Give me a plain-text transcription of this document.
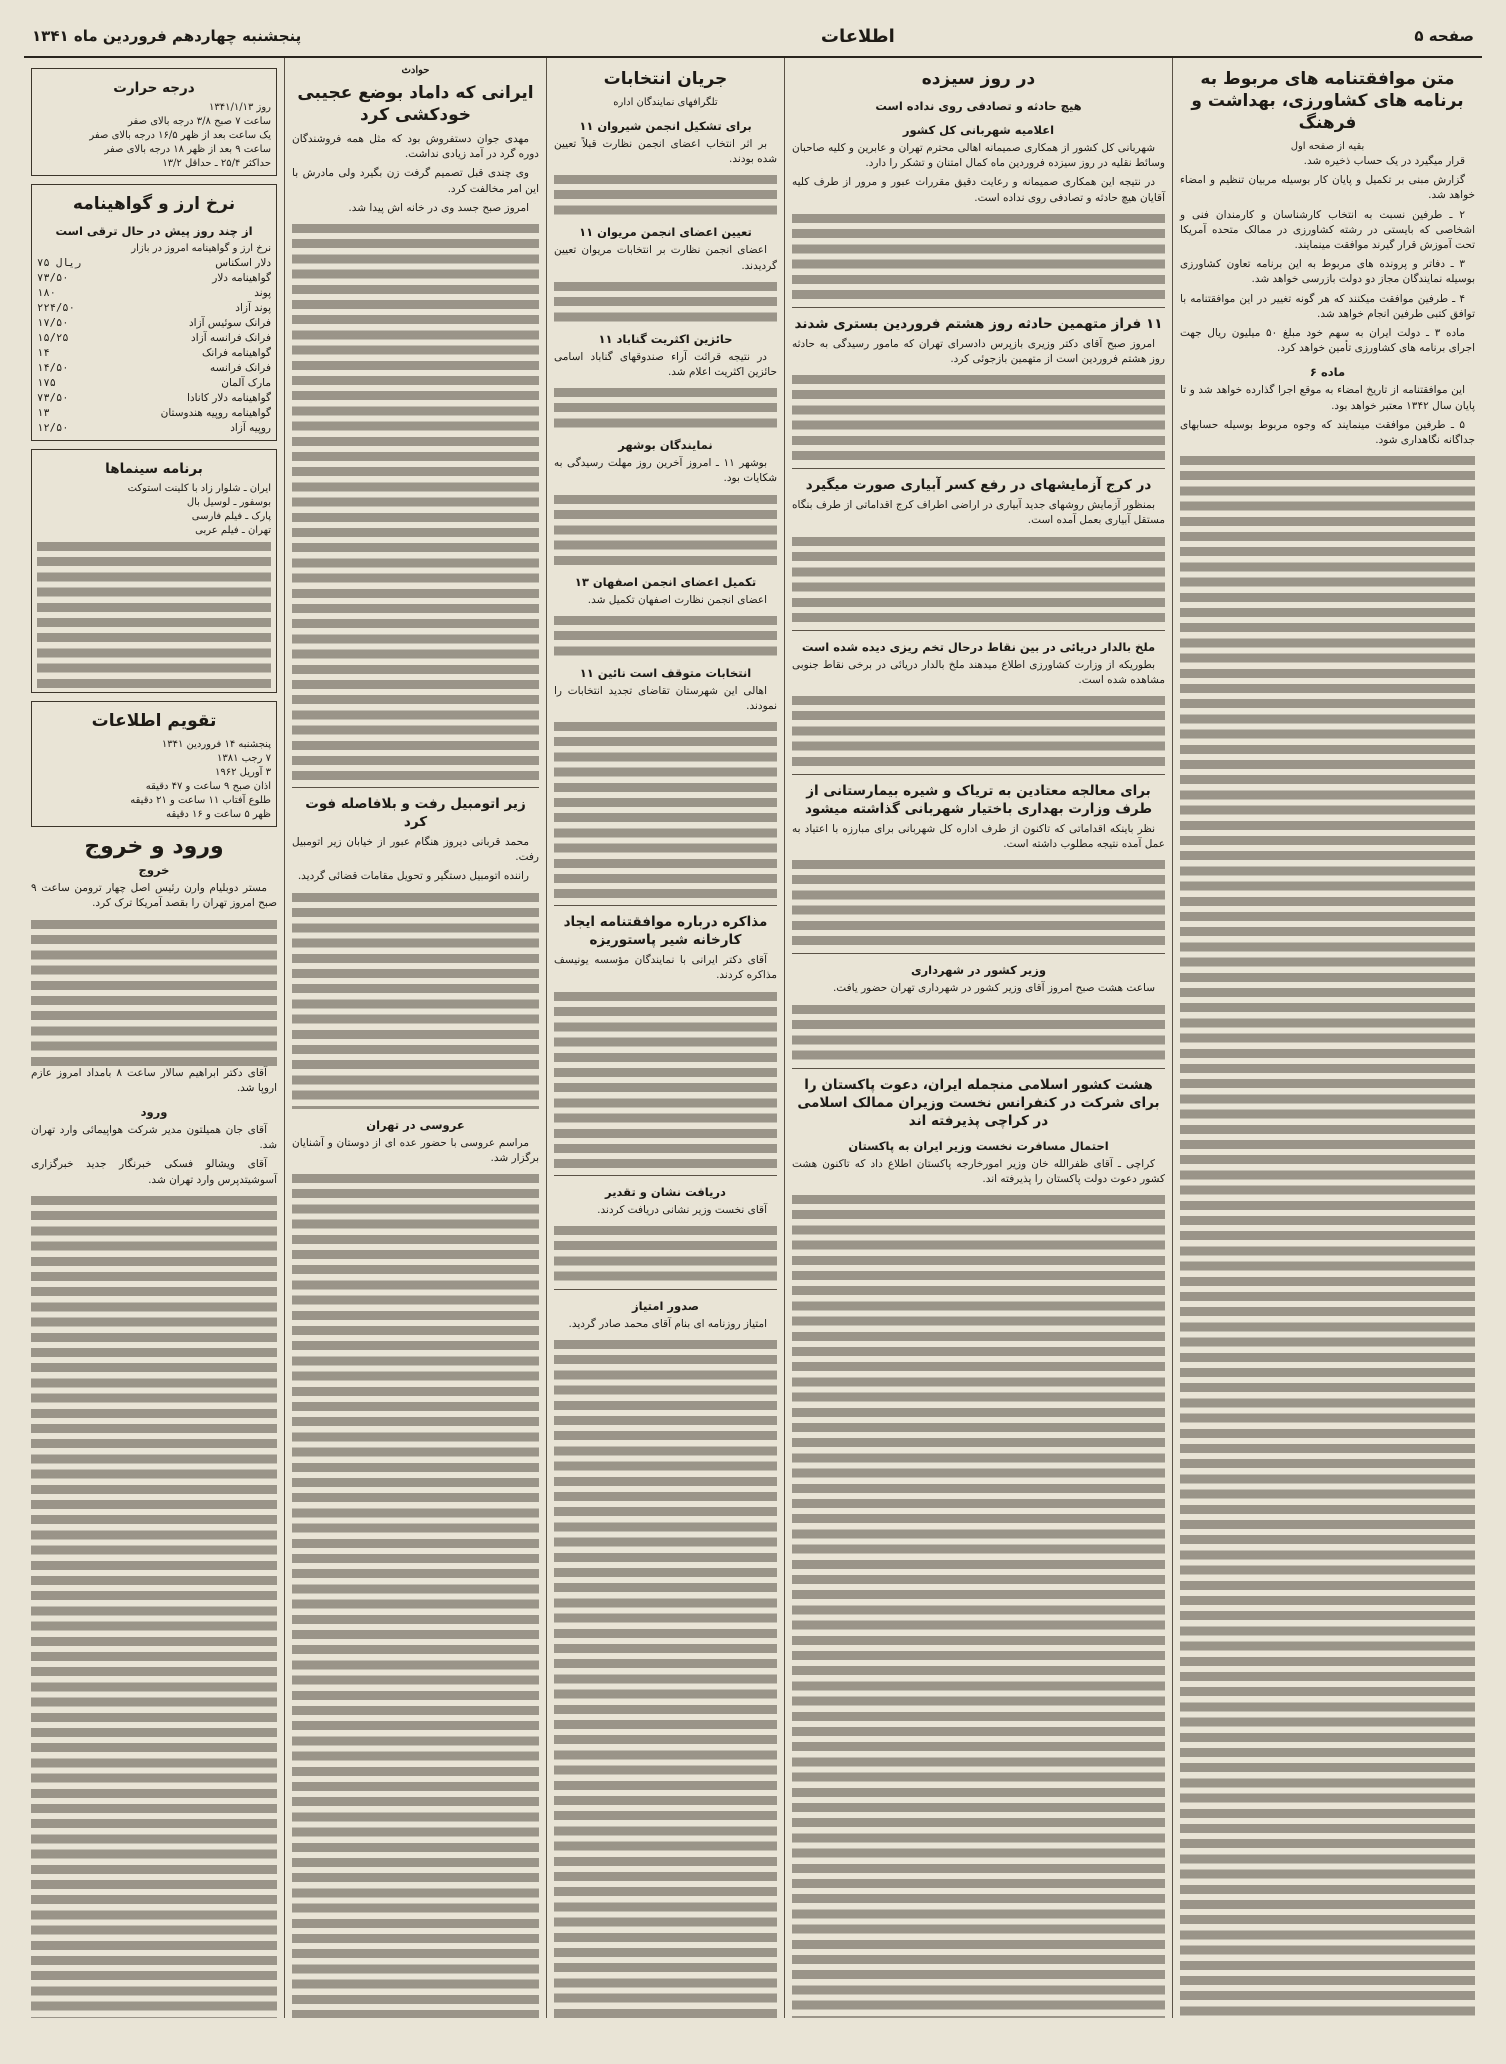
صفحه ۵
اطلاعات
پنجشنبه چهاردهم فروردین ماه ۱۳۴۱
متن موافقتنامه های مربوط به برنامه های کشاورزی، بهداشت و فرهنگ
بقیه از صفحه اول

قرار میگیرد در یک حساب ذخیره شد.

گزارش مبنی بر تکمیل و پایان کار بوسیله مربیان تنظیم و امضاء خواهد شد.

۲ ـ طرفین نسبت به انتخاب کارشناسان و کارمندان فنی و اشخاصی که بایستی در رشته کشاورزی در ممالک متحده آمریکا تحت آموزش قرار گیرند موافقت مینمایند.

۳ ـ دفاتر و پرونده های مربوط به این برنامه تعاون کشاورزی بوسیله نمایندگان مجاز دو دولت بازرسی خواهد شد.

۴ ـ طرفین موافقت میکنند که هر گونه تغییر در این موافقتنامه با توافق کتبی طرفین انجام خواهد شد.

ماده ۳ ـ دولت ایران به سهم خود مبلغ ۵۰ میلیون ریال جهت اجرای برنامه های کشاورزی تأمین خواهد کرد.

ماده ۶

این موافقتنامه از تاریخ امضاء به موقع اجرا گذارده خواهد شد و تا پایان سال ۱۳۴۲ معتبر خواهد بود.

۵ ـ طرفین موافقت مینمایند که وجوه مربوط بوسیله حسابهای جداگانه نگاهداری شود.

در روز سیزده
هیچ حادثه و تصادفی روی نداده است
اعلامیه شهربانی کل کشور

شهربانی کل کشور از همکاری صمیمانه اهالی محترم تهران و عابرین و کلیه صاحبان وسائط نقلیه در روز سیزده فروردین ماه کمال امتنان و تشکر را دارد.

در نتیجه این همکاری صمیمانه و رعایت دقیق مقررات عبور و مرور از طرف کلیه آقایان هیچ حادثه و تصادفی روی نداده است.

۱۱ فراز متهمین حادثه روز هشتم فروردین بستری شدند

امروز صبح آقای دکتر وزیری بازپرس دادسرای تهران که مامور رسیدگی به حادثه روز هشتم فروردین است از متهمین بازجوئی کرد.

در کرج آزمایشهای در رفع کسر آبیاری صورت میگیرد

بمنظور آزمایش روشهای جدید آبیاری در اراضی اطراف کرج اقداماتی از طرف بنگاه مستقل آبیاری بعمل آمده است.

ملخ بالدار دریائی در بین نقاط درحال تخم ریزی دیده شده است

بطوریکه از وزارت کشاورزی اطلاع میدهند ملخ بالدار دریائی در برخی نقاط جنوبی مشاهده شده است.

برای معالجه معتادین به تریاک و شیره بیمارستانی از طرف وزارت بهداری باختیار شهربانی گذاشته میشود

نظر باینکه اقداماتی که تاکنون از طرف اداره کل شهربانی برای مبارزه با اعتیاد به عمل آمده نتیجه مطلوب داشته است.

وزیر کشور در شهرداری

ساعت هشت صبح امروز آقای وزیر کشور در شهرداری تهران حضور یافت.

هشت کشور اسلامی منجمله ایران، دعوت پاکستان را برای شرکت در کنفرانس نخست وزیران ممالک اسلامی در کراچی پذیرفته اند
احتمال مسافرت نخست وزیر ایران به پاکستان

کراچی ـ آقای ظفرالله خان وزیر امورخارجه پاکستان اطلاع داد که تاکنون هشت کشور دعوت دولت پاکستان را پذیرفته اند.

جریان انتخابات
تلگرافهای نمایندگان اداره
برای تشکیل انجمن شیروان ۱۱

بر اثر انتخاب اعضای انجمن نظارت قبلاً تعیین شده بودند.

تعیین اعضای انجمن مریوان ۱۱

اعضای انجمن نظارت بر انتخابات مریوان تعیین گردیدند.

حائزین اکثریت گناباد ۱۱

در نتیجه قرائت آراء صندوقهای گناباد اسامی حائزین اکثریت اعلام شد.

نمایندگان بوشهر

بوشهر ۱۱ ـ امروز آخرین روز مهلت رسیدگی به شکایات بود.

تکمیل اعضای انجمن اصفهان ۱۳

اعضای انجمن نظارت اصفهان تکمیل شد.

انتخابات متوقف است نائین ۱۱

اهالی این شهرستان تقاضای تجدید انتخابات را نمودند.

مذاکره درباره موافقتنامه ایجاد کارخانه شیر پاستوریزه

آقای دکتر ایرانی با نمایندگان مؤسسه یونیسف مذاکره کردند.

دریافت نشان و تقدیر

آقای نخست وزیر نشانی دریافت کردند.

صدور امتیاز

امتیاز روزنامه ای بنام آقای محمد صادر گردید.

حوادث
ایرانی که داماد بوضع عجیبی خودکشی کرد

مهدی جوان دستفروش بود که مثل همه فروشندگان دوره گرد در آمد زیادی نداشت.

وی چندی قبل تصمیم گرفت زن بگیرد ولی مادرش با این امر مخالفت کرد.

امروز صبح جسد وی در خانه اش پیدا شد.

زیر اتومبیل رفت و بلافاصله فوت کرد

محمد قربانی دیروز هنگام عبور از خیابان زیر اتومبیل رفت.

راننده اتومبیل دستگیر و تحویل مقامات قضائی گردید.

عروسی در تهران

مراسم عروسی با حضور عده ای از دوستان و آشنایان برگزار شد.

درجه حرارت
روز ۱۳۴۱/۱/۱۳
ساعت ۷ صبح ۳/۸ درجه بالای صفر
یک ساعت بعد از ظهر ۱۶/۵ درجه بالای صفر
ساعت ۹ بعد از ظهر ۱۸ درجه بالای صفر
حداکثر ۲۵/۴ ـ حداقل ۱۳/۲
نرخ ارز و گواهینامه
از چند روز پیش در حال ترقی است
نرخ ارز و گواهینامه امروز در بازار
دلار اسکناس
۷۵ ریال
گواهینامه دلار
۷۳/۵۰
پوند
۱۸۰
پوند آزاد
۲۲۴/۵۰
فرانک سوئیس آزاد
۱۷/۵۰
فرانک فرانسه آزاد
۱۵/۲۵
گواهینامه فرانک
۱۴
فرانک فرانسه
۱۴/۵۰
مارک آلمان
۱۷۵
گواهینامه دلار کانادا
۷۳/۵۰
گواهینامه روپیه هندوستان
۱۳
روپیه آزاد
۱۲/۵۰
برنامه سینماها
ایران ـ شلوار زاد با کلینت استوکت
بوسفور ـ لوسیل بال
پارک ـ فیلم فارسی
تهران ـ فیلم عربی
تقویم اطلاعات
پنجشنبه ۱۴ فروردین ۱۳۴۱
۷ رجب ۱۳۸۱
۳ آوریل ۱۹۶۲
اذان صبح ۹ ساعت و ۴۷ دقیقه
طلوع آفتاب ۱۱ ساعت و ۲۱ دقیقه
ظهر ۵ ساعت و ۱۶ دقیقه
ورود و خروج
خروج

مستر دوبلیام وارن رئیس اصل چهار ترومن ساعت ۹ صبح امروز تهران را بقصد آمریکا ترک کرد.

آقای دکتر ابراهیم سالار ساعت ۸ بامداد امروز عازم اروپا شد.

ورود

آقای جان همیلتون مدیر شرکت هواپیمائی وارد تهران شد.

آقای ویشالو فسکی خبرنگار جدید خبرگزاری آسوشیتدپرس وارد تهران شد.
